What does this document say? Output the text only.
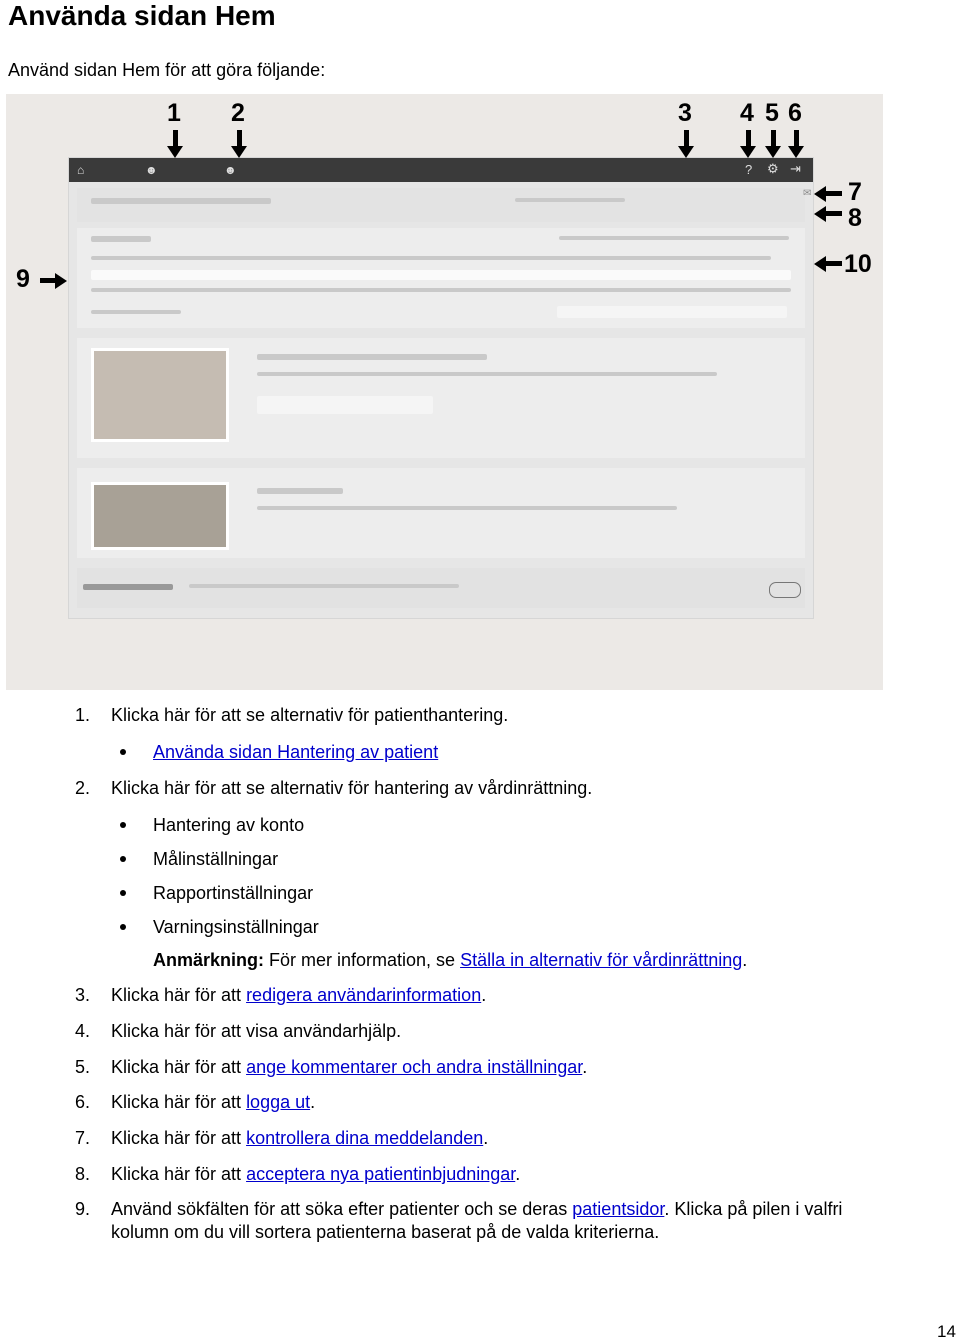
Använda sidan Hem
Använd sidan Hem för att göra följande:
⌂	☻	☻	? ⚙ ⇥
✉
1 2	3 4 5 6
7
8
10
9
1. Klicka här för att se alternativ för patienthantering.
Använda sidan Hantering av patient
2. Klicka här för att se alternativ för hantering av vårdinrättning.
Hantering av konto
Målinställningar
Rapportinställningar
Varningsinställningar
Anmärkning: För mer information, se Ställa in alternativ för vårdinrättning.
3. Klicka här för att redigera användarinformation.
4. Klicka här för att visa användarhjälp.
5. Klicka här för att ange kommentarer och andra inställningar.
6. Klicka här för att logga ut.
7. Klicka här för att kontrollera dina meddelanden.
8. Klicka här för att acceptera nya patientinbjudningar.
9. Använd sökfälten för att söka efter patienter och se deras patientsidor. Klicka på pilen i valfri
kolumn om du vill sortera patienterna baserat på de valda kriterierna.
14
